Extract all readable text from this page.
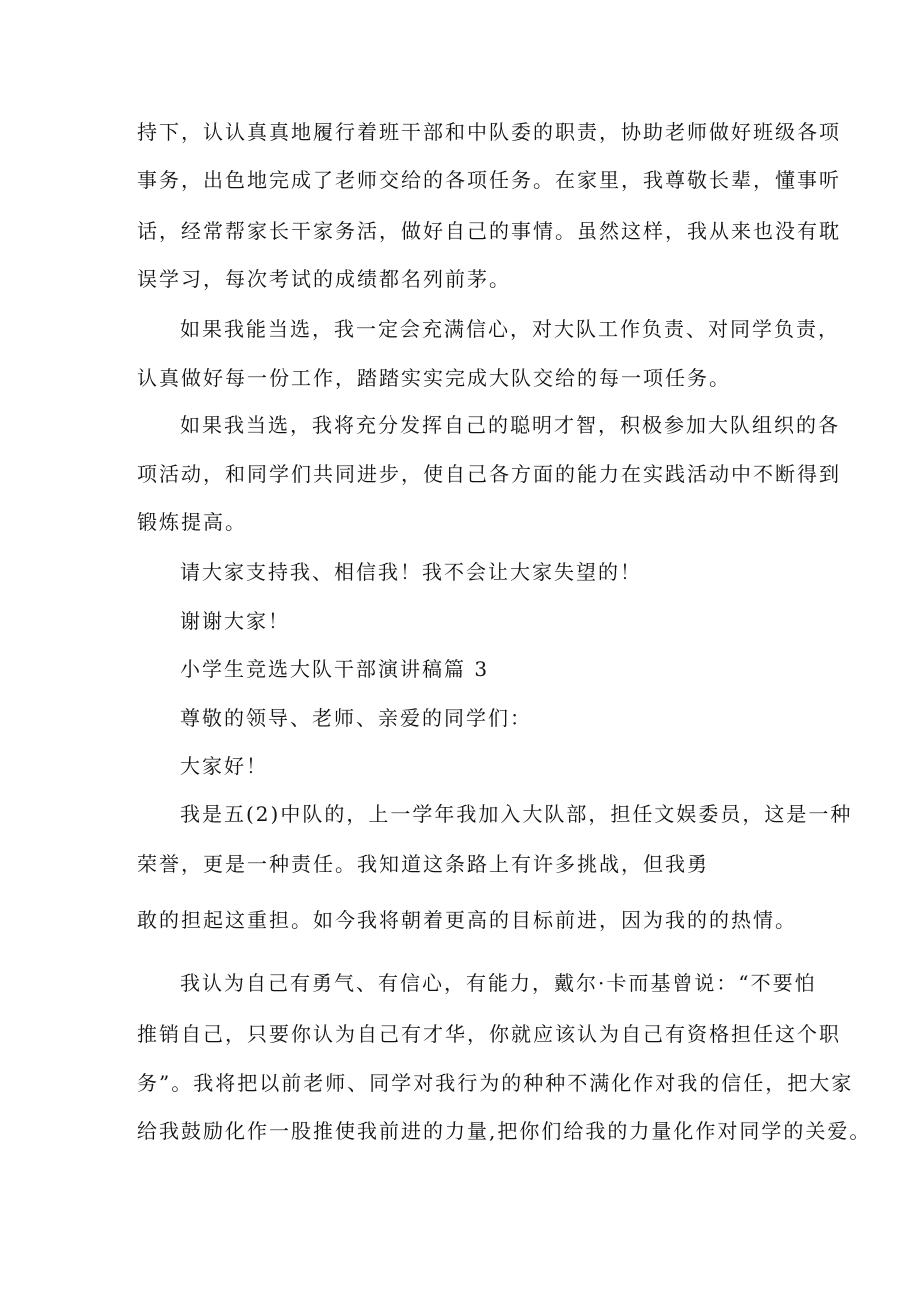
持下，认认真真地履行着班干部和中队委的职责，协助老师做好班级各项

事务，出色地完成了老师交给的各项任务。在家里，我尊敬长辈，懂事听

话，经常帮家长干家务活，做好自己的事情。虽然这样，我从来也没有耽

误学习，每次考试的成绩都名列前茅。

如果我能当选，我一定会充满信心，对大队工作负责、对同学负责，

认真做好每一份工作，踏踏实实完成大队交给的每一项任务。

如果我当选，我将充分发挥自己的聪明才智，积极参加大队组织的各

项活动，和同学们共同进步，使自己各方面的能力在实践活动中不断得到

锻炼提高。

请大家支持我、相信我！我不会让大家失望的！

谢谢大家！

小学生竞选大队干部演讲稿篇 3

尊敬的领导、老师、亲爱的同学们：

大家好！

我是五(2)中队的，上一学年我加入大队部，担任文娱委员，这是一种

荣誉，更是一种责任。我知道这条路上有许多挑战，但我勇

敢的担起这重担。如今我将朝着更高的目标前进，因为我的的热情。

我认为自己有勇气、有信心，有能力，戴尔·卡而基曾说：“不要怕

推销自己，只要你认为自己有才华，你就应该认为自己有资格担任这个职

务”。我将把以前老师、同学对我行为的种种不满化作对我的信任，把大家

给我鼓励化作一股推使我前进的力量,把你们给我的力量化作对同学的关爱。
